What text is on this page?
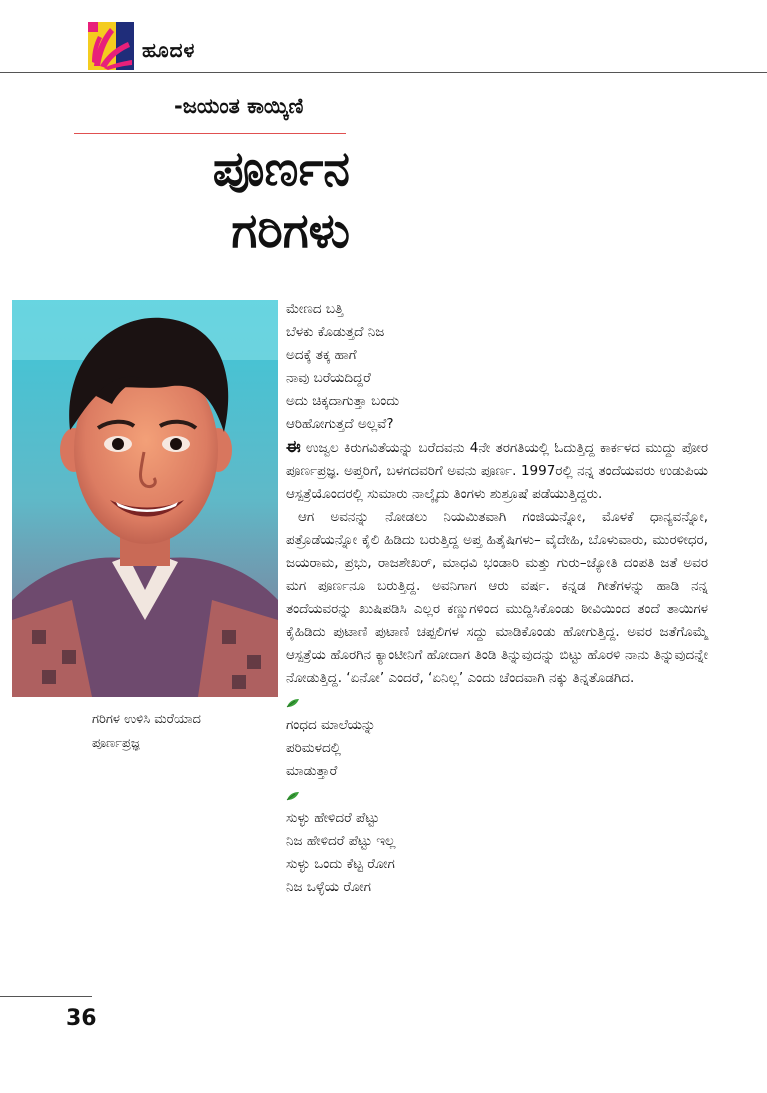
ಹೂದಳ
-ಜಯಂತ ಕಾಯ್ಕಿಣಿ
ಪೂರ್ಣನ
ಗರಿಗಳು
ಗರಿಗಳ ಉಳಿಸಿ ಮರೆಯಾದ
ಪೂರ್ಣಪ್ರಜ್ಞ
ಮೇಣದ ಬತ್ತಿ
ಬೆಳಕು ಕೊಡುತ್ತದೆ ನಿಜ
ಅದಕ್ಕೆ ತಕ್ಕ ಹಾಗೆ
ನಾವು ಬರೆಯದಿದ್ದರೆ
ಅದು ಚಿಕ್ಕದಾಗುತ್ತಾ ಬಂದು
ಆರಿಹೋಗುತ್ತದೆ ಅಲ್ಲವೆ?

ಈ ಉಜ್ವಲ ಕಿರುಗವಿತೆಯನ್ನು ಬರೆದವನು 4ನೇ ತರಗತಿಯಲ್ಲಿ ಓದುತ್ತಿದ್ದ ಕಾರ್ಕಳದ ಮುದ್ದು ಪೋರ ಪೂರ್ಣಪ್ರಜ್ಞ. ಅಪ್ತರಿಗೆ, ಬಳಗದವರಿಗೆ ಅವನು ಪೂರ್ಣ. 1997ರಲ್ಲಿ ನನ್ನ ತಂದೆಯವರು ಉಡುಪಿಯ ಆಸ್ಪತ್ರೆಯೊಂದರಲ್ಲಿ ಸುಮಾರು ನಾಲ್ಕೈದು ತಿಂಗಳು ಶುಶ್ರೂಷೆ ಪಡೆಯುತ್ತಿದ್ದರು.

ಆಗ ಅವನನ್ನು ನೋಡಲು ನಿಯಮಿತವಾಗಿ ಗಂಜಿಯನ್ನೋ, ಮೊಳಕೆ ಧಾನ್ಯವನ್ನೋ, ಪತ್ರೊಡೆಯನ್ನೋ ಕೈಲಿ ಹಿಡಿದು ಬರುತ್ತಿದ್ದ ಅಪ್ತ ಹಿತೈಷಿಗಳು– ವೈದೇಹಿ, ಬೊಳುವಾರು, ಮುರಳೀಧರ, ಜಯರಾಮ, ಪ್ರಭು, ರಾಜಶೇಖರ್, ಮಾಧವಿ ಭಂಡಾರಿ ಮತ್ತು ಗುರು–ಜ್ಯೋತಿ ದಂಪತಿ ಜತೆ ಅವರ ಮಗ ಪೂರ್ಣನೂ ಬರುತ್ತಿದ್ದ. ಅವನಿಗಾಗ ಆರು ವರ್ಷ. ಕನ್ನಡ ಗೀತೆಗಳನ್ನು ಹಾಡಿ ನನ್ನ ತಂದೆಯವರನ್ನು ಖುಷಿಪಡಿಸಿ ಎಲ್ಲರ ಕಣ್ಣುಗಳಿಂದ ಮುದ್ದಿಸಿಕೊಂಡು ಠೀವಿಯಿಂದ ತಂದೆ ತಾಯಿಗಳ ಕೈಹಿಡಿದು ಪುಟಾಣಿ ಪುಟಾಣಿ ಚಪ್ಪಲಿಗಳ ಸದ್ದು ಮಾಡಿಕೊಂಡು ಹೋಗುತ್ತಿದ್ದ. ಅವರ ಜತೆಗೊಮ್ಮೆ ಆಸ್ಪತ್ರೆಯ ಹೊರಗಿನ ಕ್ಯಾಂಟೀನಿಗೆ ಹೋದಾಗ ತಿಂಡಿ ತಿನ್ನುವುದನ್ನು ಬಿಟ್ಟು ಹೊರಳಿ ನಾನು ತಿನ್ನುವುದನ್ನೇ ನೋಡುತ್ತಿದ್ದ. ‘ಏನೋ’ ಎಂದರೆ, ‘ಏನಿಲ್ಲ’ ಎಂದು ಚೆಂದವಾಗಿ ನಕ್ಕು ತಿನ್ನತೊಡಗಿದ.

ಗಂಧದ ಮಾಲೆಯನ್ನು
ಪರಿಮಳದಲ್ಲಿ
ಮಾಡುತ್ತಾರೆ
ಸುಳ್ಳು ಹೇಳಿದರೆ ಪೆಟ್ಟು
ನಿಜ ಹೇಳಿದರೆ ಪೆಟ್ಟು ಇಲ್ಲ
ಸುಳ್ಳು ಒಂದು ಕೆಟ್ಟ ರೋಗ
ನಿಜ ಒಳ್ಳೆಯ ರೋಗ
36
